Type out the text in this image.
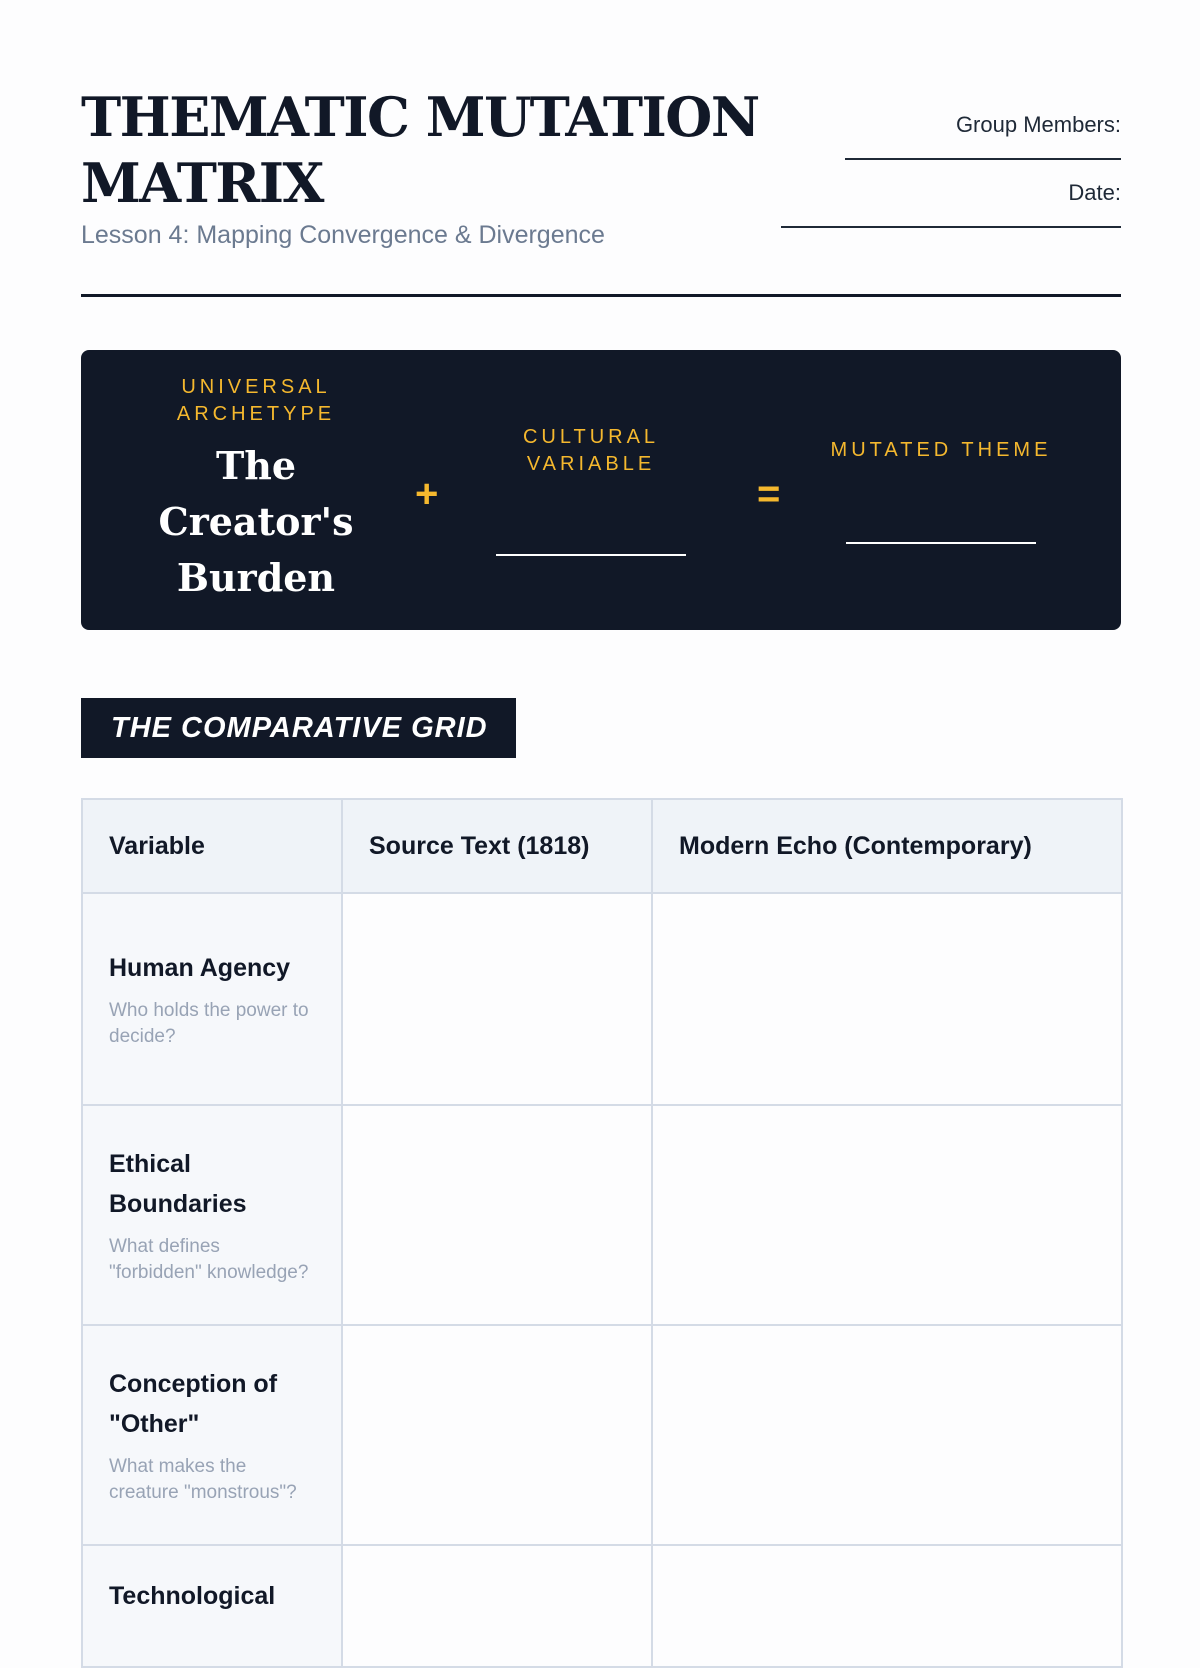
THEMATIC MUTATION MATRIX
Lesson 4: Mapping Convergence & Divergence
Group Members:
Date:
UNIVERSAL ARCHETYPE
The Creator's Burden
+
CULTURAL VARIABLE
=
MUTATED THEME
THE COMPARATIVE GRID
Variable	Source Text (1818)	Modern Echo (Contemporary)

Human Agency
Who holds the power to decide?		

Ethical Boundaries
What defines "forbidden" knowledge?		

Conception of "Other"
What makes the creature "monstrous"?		

Technological		
